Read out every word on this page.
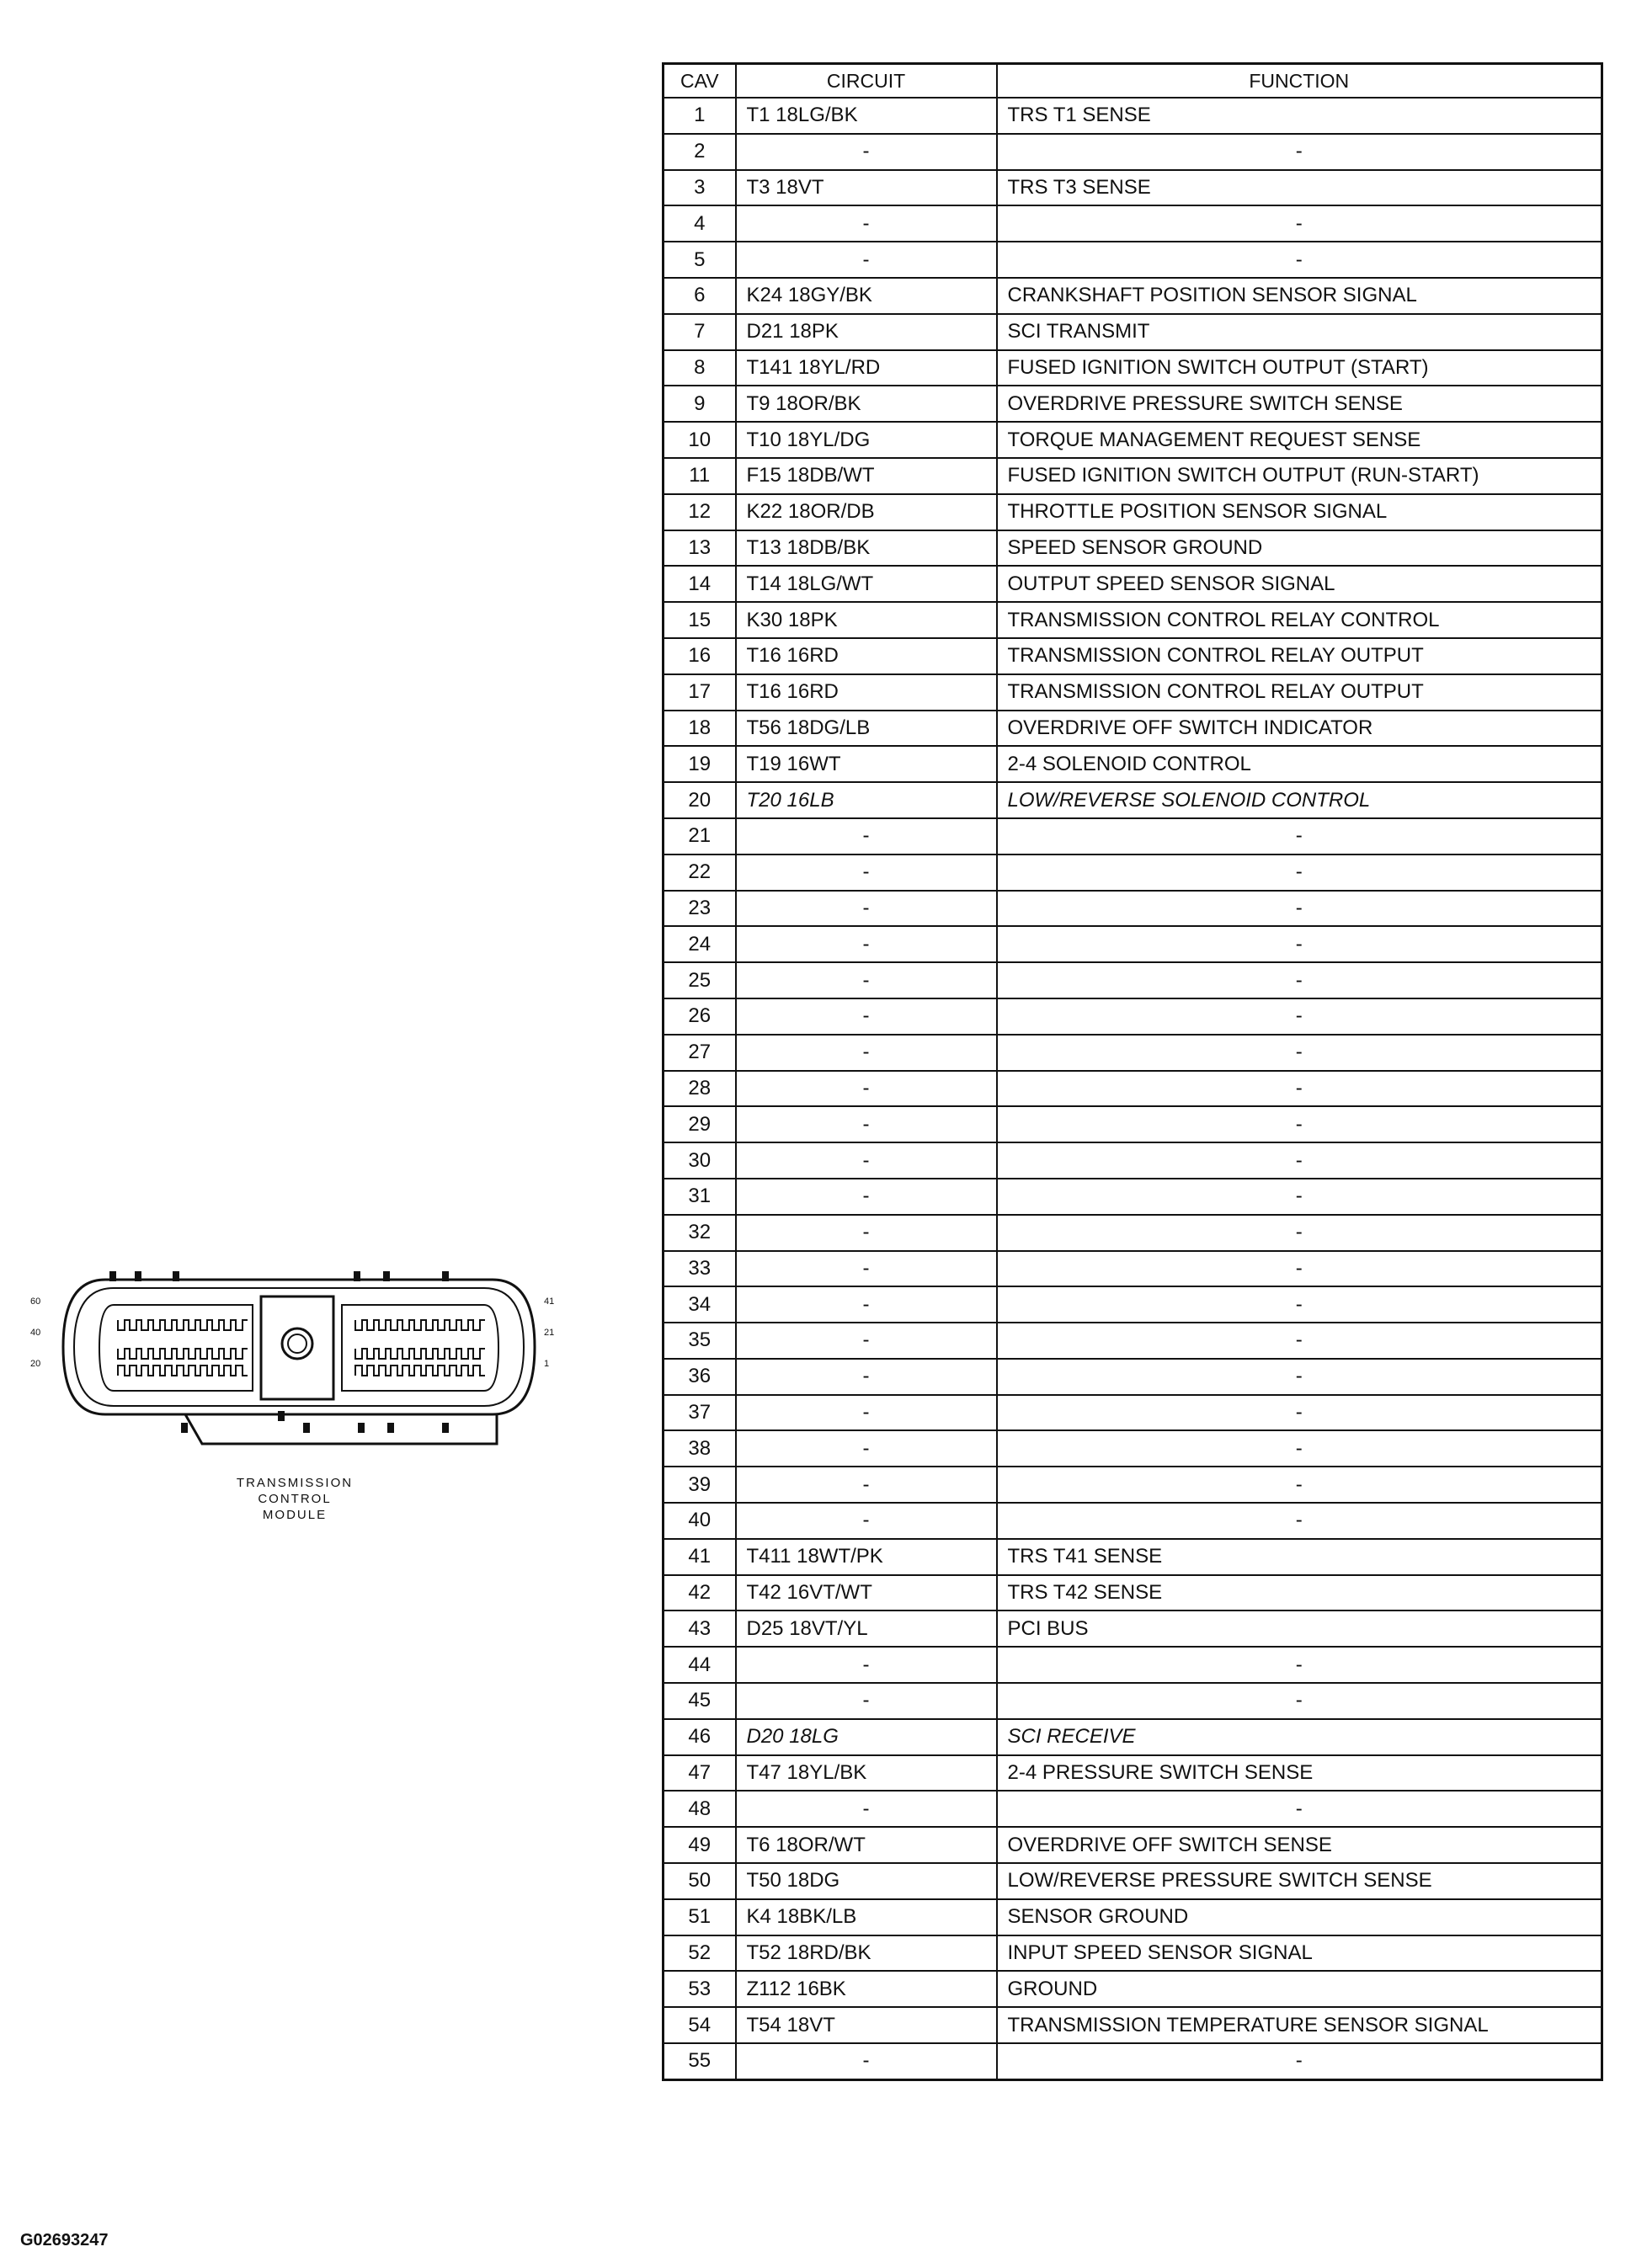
CAV	CIRCUIT	FUNCTION
1	T1 18LG/BK	TRS T1 SENSE
2	-	-
3	T3 18VT	TRS T3 SENSE
4	-	-
5	-	-
6	K24 18GY/BK	CRANKSHAFT POSITION SENSOR SIGNAL
7	D21 18PK	SCI TRANSMIT
8	T141 18YL/RD	FUSED IGNITION SWITCH OUTPUT (START)
9	T9 18OR/BK	OVERDRIVE PRESSURE SWITCH SENSE
10	T10 18YL/DG	TORQUE MANAGEMENT REQUEST SENSE
11	F15 18DB/WT	FUSED IGNITION SWITCH OUTPUT (RUN-START)
12	K22 18OR/DB	THROTTLE POSITION SENSOR SIGNAL
13	T13 18DB/BK	SPEED SENSOR GROUND
14	T14 18LG/WT	OUTPUT SPEED SENSOR SIGNAL
15	K30 18PK	TRANSMISSION CONTROL RELAY CONTROL
16	T16 16RD	TRANSMISSION CONTROL RELAY OUTPUT
17	T16 16RD	TRANSMISSION CONTROL RELAY OUTPUT
18	T56 18DG/LB	OVERDRIVE OFF SWITCH INDICATOR
19	T19 16WT	2-4 SOLENOID CONTROL
20	T20 16LB	LOW/REVERSE SOLENOID CONTROL
21	-	-
22	-	-
23	-	-
24	-	-
25	-	-
26	-	-
27	-	-
28	-	-
29	-	-
30	-	-
31	-	-
32	-	-
33	-	-
34	-	-
35	-	-
36	-	-
37	-	-
38	-	-
39	-	-
40	-	-
41	T411 18WT/PK	TRS T41 SENSE
42	T42 16VT/WT	TRS T42 SENSE
43	D25 18VT/YL	PCI BUS
44	-	-
45	-	-
46	D20 18LG	SCI RECEIVE
47	T47 18YL/BK	2-4 PRESSURE SWITCH SENSE
48	-	-
49	T6 18OR/WT	OVERDRIVE OFF SWITCH SENSE
50	T50 18DG	LOW/REVERSE PRESSURE SWITCH SENSE
51	K4 18BK/LB	SENSOR GROUND
52	T52 18RD/BK	INPUT SPEED SENSOR SIGNAL
53	Z112 16BK	GROUND
54	T54 18VT	TRANSMISSION TEMPERATURE SENSOR SIGNAL
55	-	-
60
40
20
41
21
1
TRANSMISSION
CONTROL
MODULE
G02693247
